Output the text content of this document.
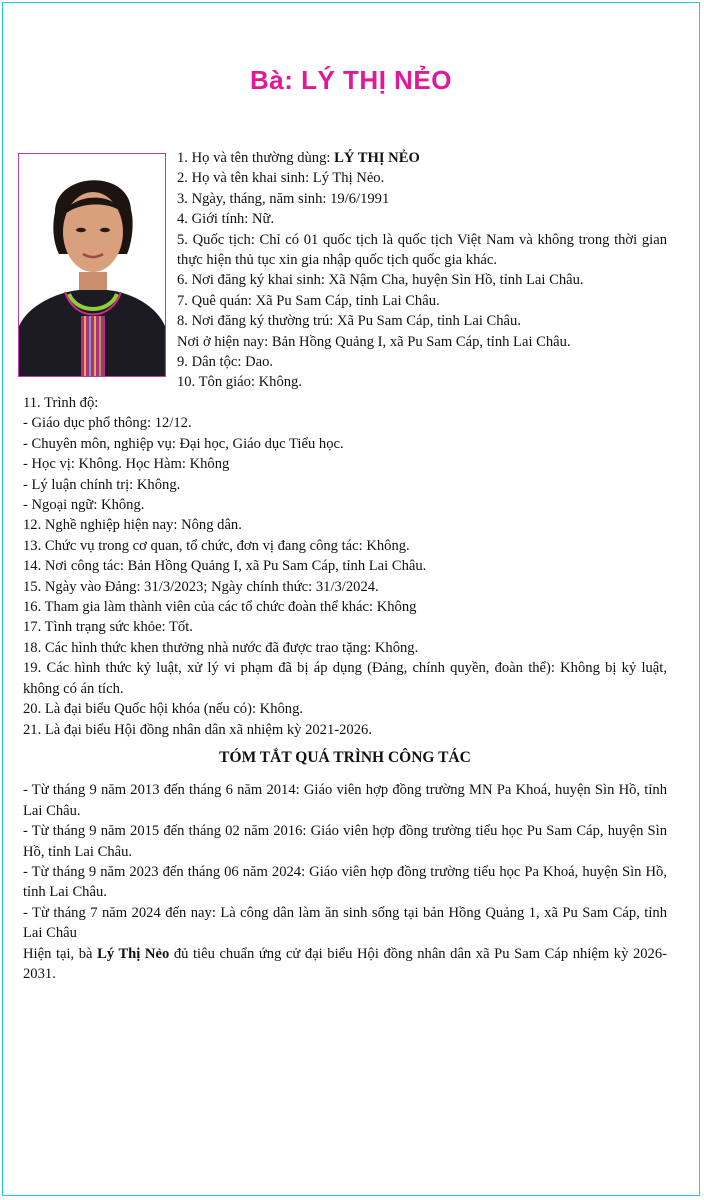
Bà: LÝ THỊ NẺO
1. Họ và tên thường dùng: LÝ THỊ NẺO
2. Họ và tên khai sinh: Lý Thị Nẻo.
3. Ngày, tháng, năm sinh: 19/6/1991
4. Giới tính: Nữ.
5. Quốc tịch: Chỉ có 01 quốc tịch là quốc tịch Việt Nam và không trong thời gian thực hiện thủ tục xin gia nhập quốc tịch quốc gia khác.
6. Nơi đăng ký khai sinh: Xã Nậm Cha, huyện Sìn Hồ, tỉnh Lai Châu.
7. Quê quán: Xã Pu Sam Cáp, tỉnh Lai Châu.
8. Nơi đăng ký thường trú: Xã Pu Sam Cáp, tỉnh Lai Châu.
Nơi ở hiện nay: Bản Hồng Quảng I, xã Pu Sam Cáp, tỉnh Lai Châu.
9. Dân tộc: Dao.
10. Tôn giáo: Không.
11. Trình độ:
- Giáo dục phổ thông: 12/12.
- Chuyên môn, nghiệp vụ: Đại học, Giáo dục Tiểu học.
- Học vị: Không. Học Hàm: Không
- Lý luận chính trị: Không.
- Ngoại ngữ: Không.
12. Nghề nghiệp hiện nay: Nông dân.
13. Chức vụ trong cơ quan, tổ chức, đơn vị đang công tác: Không.
14. Nơi công tác: Bản Hồng Quảng I, xã Pu Sam Cáp, tỉnh Lai Châu.
15. Ngày vào Đảng: 31/3/2023; Ngày chính thức: 31/3/2024.
16. Tham gia làm thành viên của các tổ chức đoàn thể khác: Không
17. Tình trạng sức khỏe: Tốt.
18. Các hình thức khen thưởng nhà nước đã được trao tặng: Không.
19. Các hình thức kỷ luật, xử lý vi phạm đã bị áp dụng (Đảng, chính quyền, đoàn thể): Không bị kỷ luật, không có án tích.
20. Là đại biểu Quốc hội khóa (nếu có): Không.
21. Là đại biểu Hội đồng nhân dân xã nhiệm kỳ 2021-2026.
TÓM TẮT QUÁ TRÌNH CÔNG TÁC
- Từ tháng 9 năm 2013 đến tháng 6 năm 2014: Giáo viên hợp đồng trường MN Pa Khoá, huyện Sìn Hồ, tỉnh Lai Châu.
- Từ tháng 9 năm 2015 đến tháng 02 năm 2016: Giáo viên hợp đồng trường tiểu học Pu Sam Cáp, huyện Sìn Hồ, tỉnh Lai Châu.
- Từ tháng 9 năm 2023 đến tháng 06 năm 2024: Giáo viên hợp đồng trường tiểu học Pa Khoá, huyện Sìn Hồ, tỉnh Lai Châu.
- Từ tháng 7 năm 2024 đến nay: Là công dân làm ăn sinh sống tại bản Hồng Quảng 1, xã Pu Sam Cáp, tỉnh Lai Châu
Hiện tại, bà Lý Thị Nẻo đủ tiêu chuẩn ứng cử đại biểu Hội đồng nhân dân xã Pu Sam Cáp nhiệm kỳ 2026-2031.
